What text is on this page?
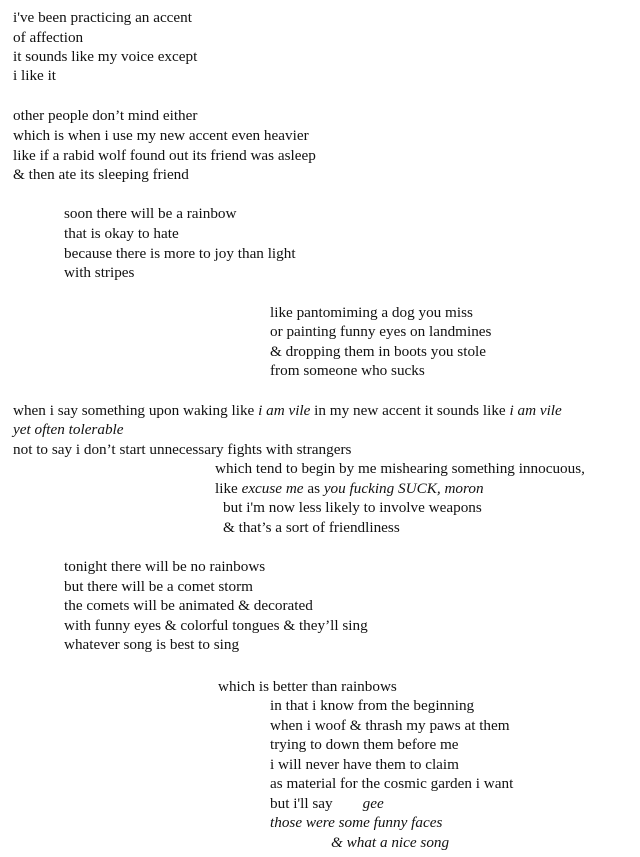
i've been practicing an accent
of affection
it sounds like my voice except
i like it
other people don’t mind either
which is when i use my new accent even heavier
like if a rabid wolf found out its friend was asleep
& then ate its sleeping friend
soon there will be a rainbow
that is okay to hate
because there is more to joy than light
with stripes
like pantomiming a dog you miss
or painting funny eyes on landmines
& dropping them in boots you stole
from someone who sucks
when i say something upon waking like i am vile in my new accent it sounds like i am vile
yet often tolerable
not to say i don’t start unnecessary fights with strangers
which tend to begin by me mishearing something innocuous,
like excuse me as you fucking SUCK, moron
but i'm now less likely to involve weapons
& that’s a sort of friendliness
tonight there will be no rainbows
but there will be a comet storm
the comets will be animated & decorated
with funny eyes & colorful tongues & they’ll sing
whatever song is best to sing
which is better than rainbows
in that i know from the beginning
when i woof & thrash my paws at them
trying to down them before me
i will never have them to claim
as material for the cosmic garden i want
but i'll say gee
those were some funny faces
& what a nice song
